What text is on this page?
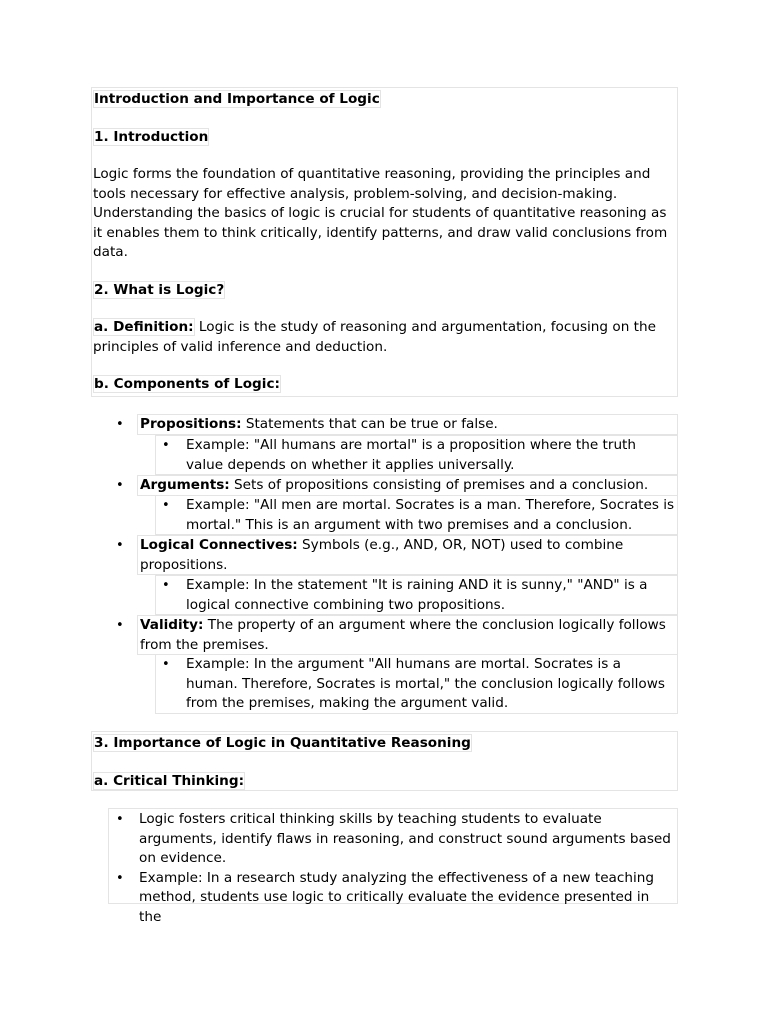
Introduction and Importance of Logic

1. Introduction

Logic forms the foundation of quantitative reasoning, providing the principles and tools necessary for effective analysis, problem-solving, and decision-making. Understanding the basics of logic is crucial for students of quantitative reasoning as it enables them to think critically, identify patterns, and draw valid conclusions from data.

2. What is Logic?

a. Definition: Logic is the study of reasoning and argumentation, focusing on the principles of valid inference and deduction.

b. Components of Logic:

• Propositions: Statements that can be true or false.
•	Example: "All humans are mortal" is a proposition where the truth value depends on whether it applies universally.
• Arguments: Sets of propositions consisting of premises and a conclusion.
•	Example: "All men are mortal. Socrates is a man. Therefore, Socrates is mortal." This is an argument with two premises and a conclusion.
• Logical Connectives: Symbols (e.g., AND, OR, NOT) used to combine propositions.
•	Example: In the statement "It is raining AND it is sunny," "AND" is a logical connective combining two propositions.
• Validity: The property of an argument where the conclusion logically follows from the premises.
•	Example: In the argument "All humans are mortal. Socrates is a human. Therefore, Socrates is mortal," the conclusion logically follows from the premises, making the argument valid.

3. Importance of Logic in Quantitative Reasoning

a. Critical Thinking:

• Logic fosters critical thinking skills by teaching students to evaluate arguments, identify flaws in reasoning, and construct sound arguments based on evidence.
• Example: In a research study analyzing the effectiveness of a new teaching method, students use logic to critically evaluate the evidence presented in the
